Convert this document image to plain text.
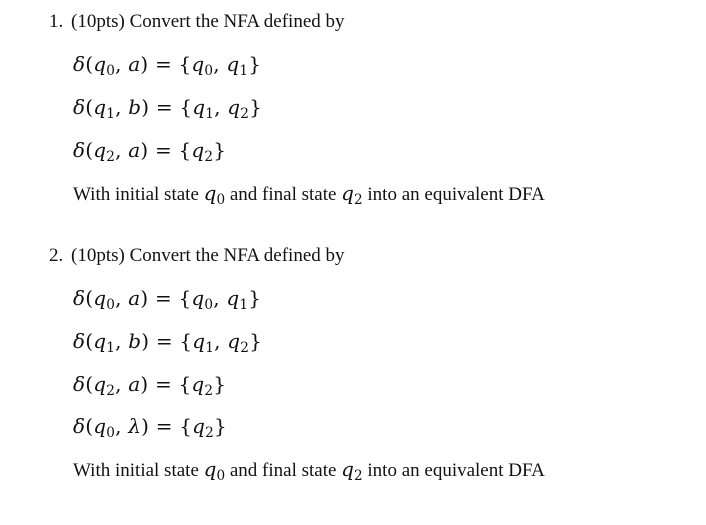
1. (10pts) Convert the NFA defined by
$\delta(q_0$, $a) = \{q_0$, $q_1$}
$\delta(q_1$, $b) = \{q_1$, $q_2$}
$\delta(q_2$, $a) = \{q_2\}$
With initial state $q_0$ and final state $q_2$ into an equivalent DFA
2. (10pts) Convert the NFA defined by
$\delta(q_0$, $a) = \{q_0$, $q_1$}
$\delta(q_1$, $b) = \{q_1$, $q_2$}
$\delta(q_2$, $a) = \{q_2\}$
$\delta(q_0$, $\lambda) = \{q_2\}$
With initial state $q_0$ and final state $q_2$ into an equivalent DFA
